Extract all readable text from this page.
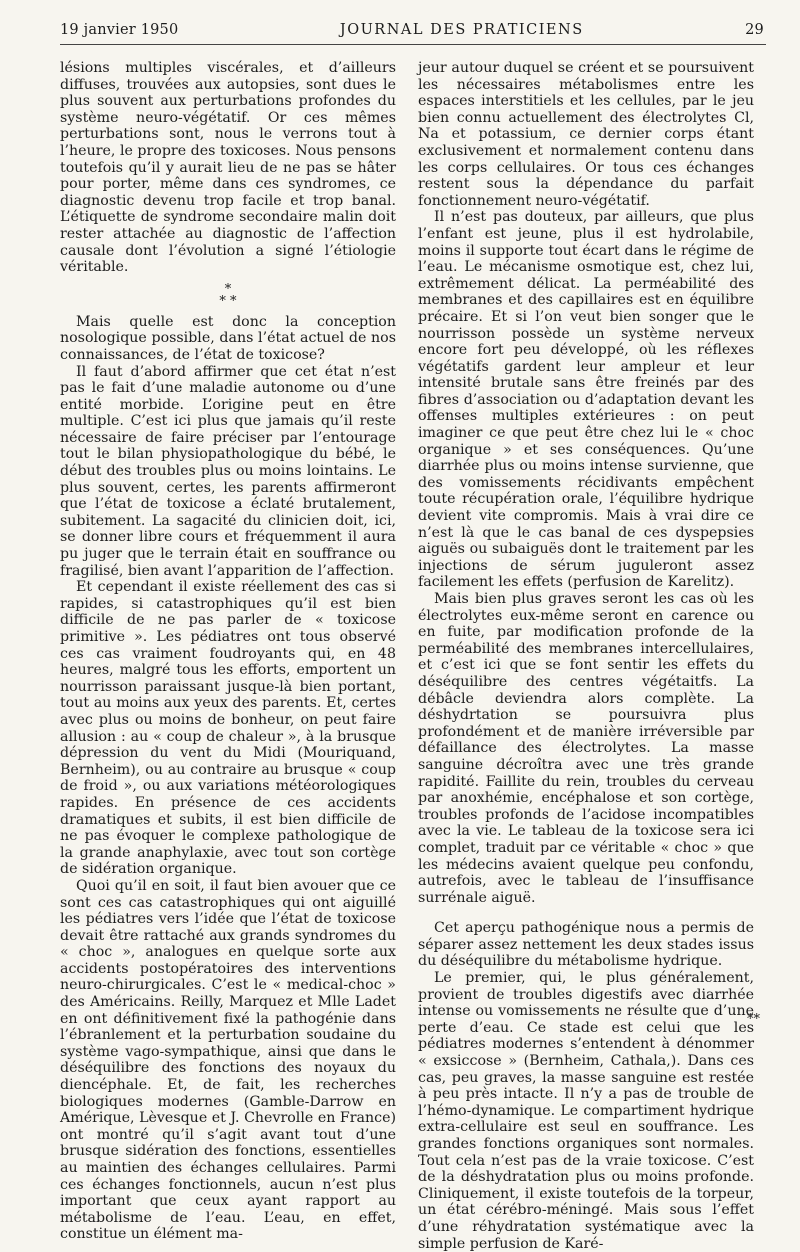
19 janvier 1950	JOURNAL DES PRATICIENS	29

lésions multiples viscérales, et d’ailleurs diffuses, trouvées aux autopsies, sont dues le plus souvent aux perturbations profondes du système neuro-végétatif. Or ces mêmes perturbations sont, nous le verrons tout à l’heure, le propre des toxicoses. Nous pensons toutefois qu’il y aurait lieu de ne pas se hâter pour porter, même dans ces syndromes, ce diagnostic devenu trop facile et trop banal. L’étiquette de syndrome secondaire malin doit rester attachée au diagnostic de l’affection causale dont l’évolution a signé l’étiologie véritable.

*
* *

Mais quelle est donc la conception nosologique possible, dans l’état actuel de nos connaissances, de l’état de toxicose?

Il faut d’abord affirmer que cet état n’est pas le fait d’une maladie autonome ou d’une entité morbide. L’origine peut en être multiple. C’est ici plus que jamais qu’il reste nécessaire de faire préciser par l’entourage tout le bilan physiopathologique du bébé, le début des troubles plus ou moins lointains. Le plus souvent, certes, les parents affirmeront que l’état de toxicose a éclaté brutalement, subitement. La sagacité du clinicien doit, ici, se donner libre cours et fréquemment il aura pu juger que le terrain était en souffrance ou fragilisé, bien avant l’apparition de l’affection.

Et cependant il existe réellement des cas si rapides, si catastrophiques qu’il est bien difficile de ne pas parler de « toxicose primitive ». Les pédiatres ont tous observé ces cas vraiment foudroyants qui, en 48 heures, malgré tous les efforts, emportent un nourrisson paraissant jusque-là bien portant, tout au moins aux yeux des parents. Et, certes avec plus ou moins de bonheur, on peut faire allusion : au « coup de chaleur », à la brusque dépression du vent du Midi (Mouriquand, Bernheim), ou au contraire au brusque « coup de froid », ou aux variations météorologiques rapides. En présence de ces accidents dramatiques et subits, il est bien difficile de ne pas évoquer le complexe pathologique de la grande anaphylaxie, avec tout son cortège de sidération organique.

Quoi qu’il en soit, il faut bien avouer que ce sont ces cas catastrophiques qui ont aiguillé les pédiatres vers l’idée que l’état de toxicose devait être rattaché aux grands syndromes du « choc », analogues en quelque sorte aux accidents postopératoires des interventions neuro-chirurgicales. C’est le « medical-choc » des Américains. Reilly, Marquez et Mlle Ladet en ont définitivement fixé la pathogénie dans l’ébranlement et la perturbation soudaine du système vago-sympathique, ainsi que dans le déséquilibre des fonctions des noyaux du diencéphale. Et, de fait, les recherches biologiques modernes (Gamble-Darrow en Amérique, Lèvesque et J. Chevrolle en France) ont montré qu’il s’agit avant tout d’une brusque sidération des fonctions, essentielles au maintien des échanges cellulaires. Parmi ces échanges fonctionnels, aucun n’est plus important que ceux ayant rapport au métabolisme de l’eau. L’eau, en effet, constitue un élément ma-

jeur autour duquel se créent et se poursuivent les nécessaires métabolismes entre les espaces interstitiels et les cellules, par le jeu bien connu actuellement des électrolytes Cl, Na et potassium, ce dernier corps étant exclusivement et normalement contenu dans les corps cellulaires. Or tous ces échanges restent sous la dépendance du parfait fonctionnement neuro-végétatif.

Il n’est pas douteux, par ailleurs, que plus l’enfant est jeune, plus il est hydrolabile, moins il supporte tout écart dans le régime de l’eau. Le mécanisme osmotique est, chez lui, extrêmement délicat. La perméabilité des membranes et des capillaires est en équilibre précaire. Et si l’on veut bien songer que le nourrisson possède un système nerveux encore fort peu développé, où les réflexes végétatifs gardent leur ampleur et leur intensité brutale sans être freinés par des fibres d’association ou d’adaptation devant les offenses multiples extérieures : on peut imaginer ce que peut être chez lui le « choc organique » et ses conséquences. Qu’une diarrhée plus ou moins intense survienne, que des vomissements récidivants empêchent toute récupération orale, l’équilibre hydrique devient vite compromis. Mais à vrai dire ce n’est là que le cas banal de ces dyspepsies aiguës ou subaiguës dont le traitement par les injections de sérum juguleront assez facilement les effets (perfusion de Karelitz).

Mais bien plus graves seront les cas où les électrolytes eux-même seront en carence ou en fuite, par modification profonde de la perméabilité des membranes intercellulaires, et c’est ici que se font sentir les effets du déséquilibre des centres végétaitfs. La débâcle deviendra alors complète. La déshydrtation se poursuivra plus profondément et de manière irréversible par défaillance des électrolytes. La masse sanguine décroîtra avec une très grande rapidité. Faillite du rein, troubles du cerveau par anoxhémie, encéphalose et son cortège, troubles profonds de l’acidose incompatibles avec la vie. Le tableau de la toxicose sera ici complet, traduit par ce véritable « choc » que les médecins avaient quelque peu confondu, autrefois, avec le tableau de l’insuffisance surrénale aiguë.

Cet aperçu pathogénique nous a permis de séparer assez nettement les deux stades issus du déséquilibre du métabolisme hydrique.

Le premier, qui, le plus généralement, provient de troubles digestifs avec diarrhée intense ou vomissements ne résulte que d’une perte d’eau. Ce stade est celui que les pédiatres modernes s’entendent à dénommer « exsiccose » (Bernheim, Cathala,). Dans ces cas, peu graves, la masse sanguine est restée à peu près intacte. Il n’y a pas de trouble de l’hémo-dynamique. Le compartiment hydrique extra-cellulaire est seul en souffrance. Les grandes fonctions organiques sont normales. Tout cela n’est pas de la vraie toxicose. C’est de la déshydratation plus ou moins profonde. Cliniquement, il existe toutefois de la torpeur, un état cérébro-méningé. Mais sous l’effet d’une réhydratation systématique avec la simple perfusion de Karé-

**
